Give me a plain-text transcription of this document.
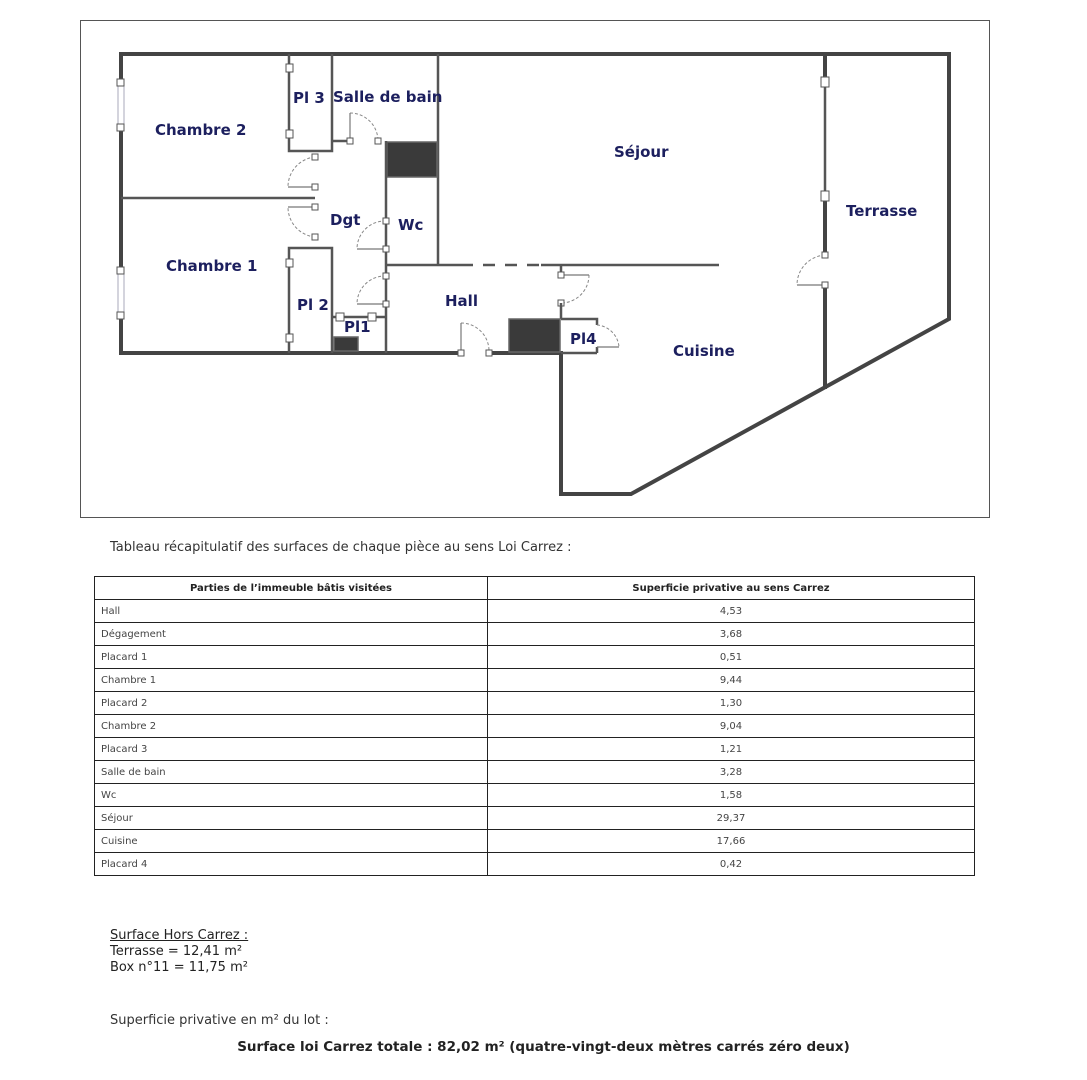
Chambre 2
Pl 3 Salle de bain
Séjour
Terrasse
Dgt	Wc
Chambre 1
Pl 2
Pl1
Hall
Pl4
Cuisine
Tableau récapitulatif des surfaces de chaque pièce au sens Loi Carrez :
Parties de l’immeuble bâtis visitées	Superficie privative au sens Carrez
Hall	4,53
Dégagement	3,68
Placard 1	0,51
Chambre 1	9,44
Placard 2	1,30
Chambre 2	9,04
Placard 3	1,21
Salle de bain	3,28
Wc	1,58
Séjour	29,37
Cuisine	17,66
Placard 4	0,42
Surface Hors Carrez :
Terrasse = 12,41 m²
Box n°11 = 11,75 m²
Superficie privative en m² du lot :
Surface loi Carrez totale : 82,02 m² (quatre-vingt-deux mètres carrés zéro deux)
